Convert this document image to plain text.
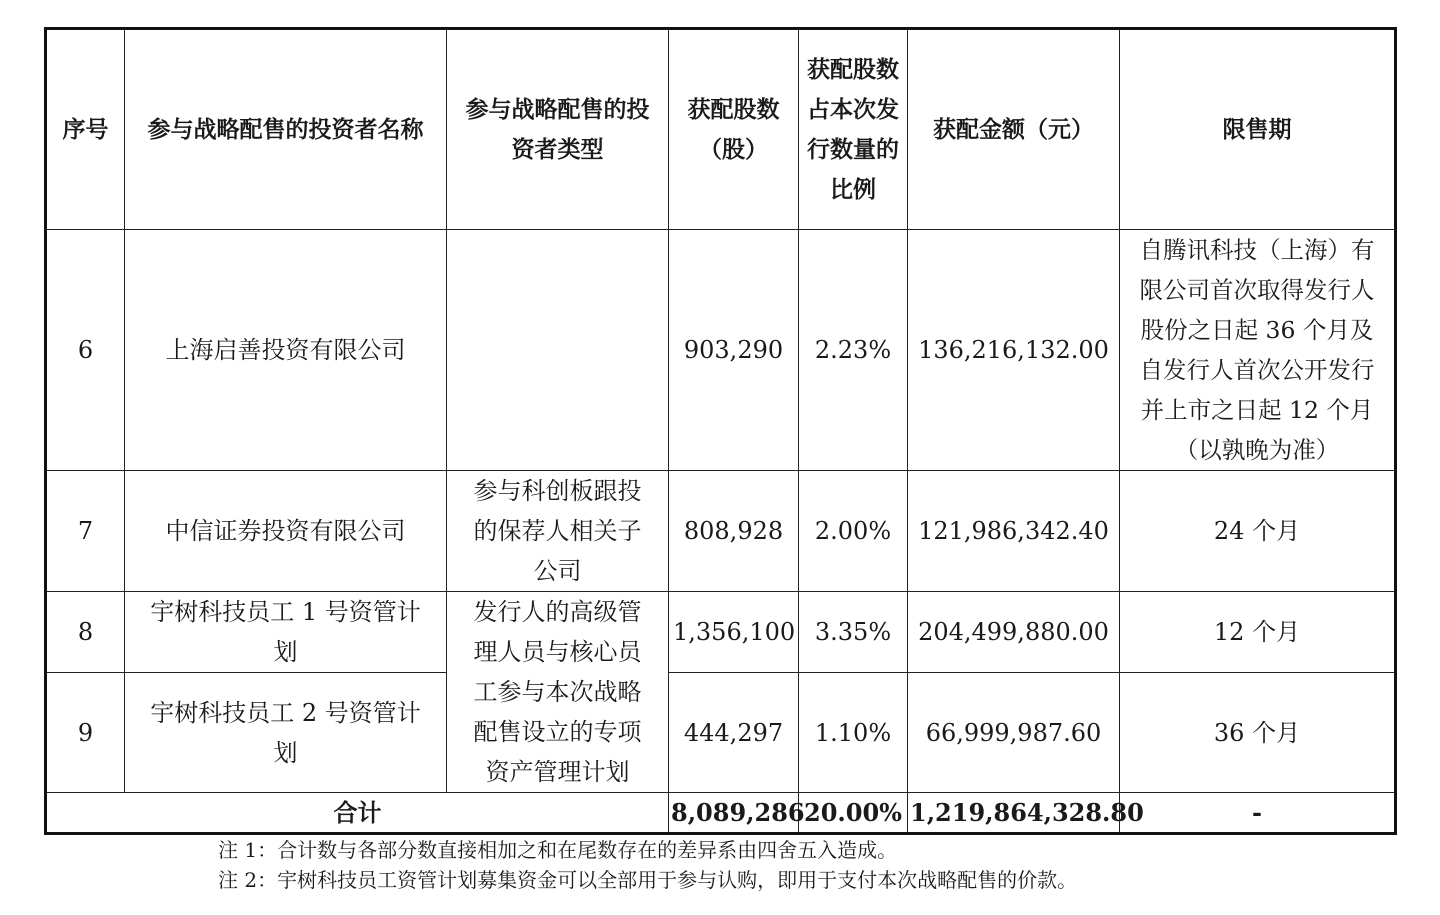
序号	参与战略配售的投资者名称	参与战略配售的投资者类型	获配股数（股）	获配股数占本次发行数量的比例	获配金额（元）	限售期
6	上海启善投资有限公司		903,290	2.23%	136,216,132.00	自腾讯科技（上海）有限公司首次取得发行人股份之日起 36 个月及自发行人首次公开发行并上市之日起 12 个月（以孰晚为准）
7	中信证券投资有限公司	参与科创板跟投的保荐人相关子公司	808,928	2.00%	121,986,342.40	24 个月
8	宇树科技员工 1 号资管计划	发行人的高级管理人员与核心员工参与本次战略配售设立的专项资产管理计划	1,356,100	3.35%	204,499,880.00	12 个月
9	宇树科技员工 2 号资管计划		444,297	1.10%	66,999,987.60	36 个月
合计			8,089,286	20.00%	1,219,864,328.80	-
注 1：合计数与各部分数直接相加之和在尾数存在的差异系由四舍五入造成。
注 2：宇树科技员工资管计划募集资金可以全部用于参与认购，即用于支付本次战略配售的价款。
